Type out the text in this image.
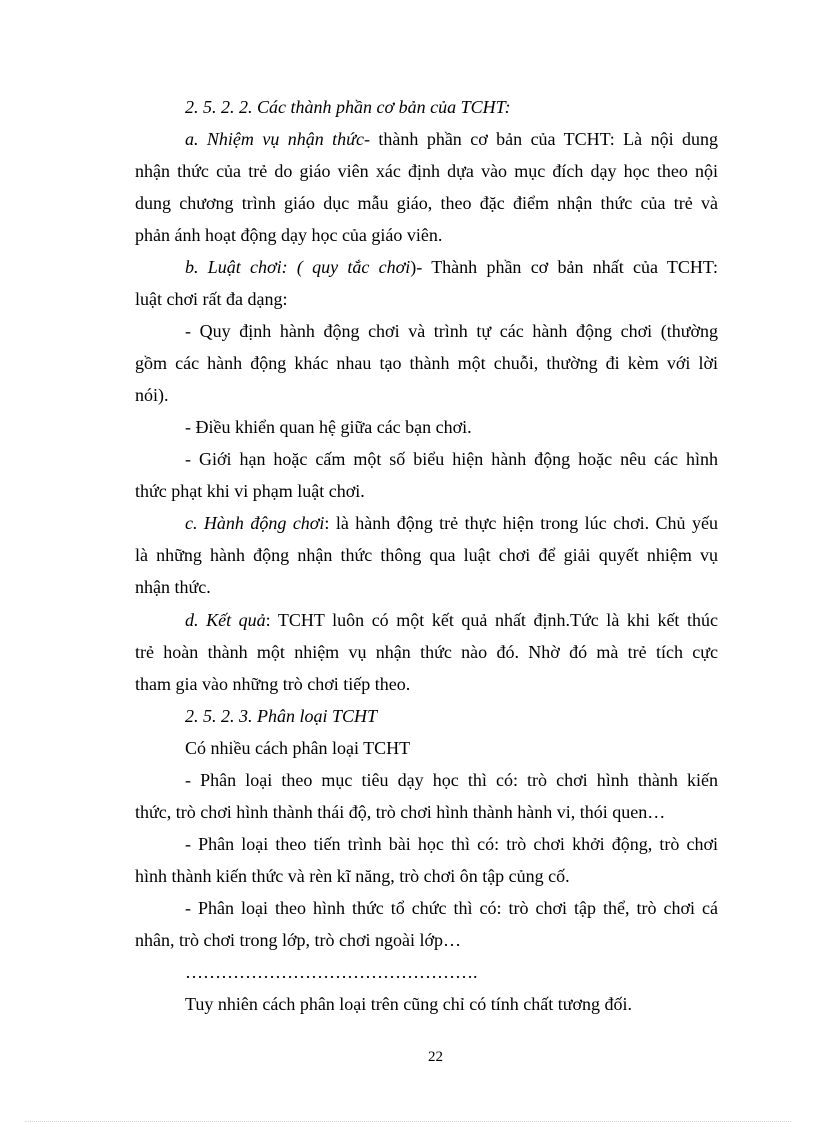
2. 5. 2. 2. Các thành phần cơ bản của TCHT:
a. Nhiệm vụ nhận thức- thành phần cơ bản của TCHT: Là nội dung
nhận thức của trẻ do giáo viên xác định dựa vào mục đích dạy học theo nội
dung chương trình giáo dục mẫu giáo, theo đặc điểm nhận thức của trẻ và
phản ánh hoạt động dạy học của giáo viên.
b. Luật chơi: ( quy tắc chơi)- Thành phần cơ bản nhất của TCHT:
luật chơi rất đa dạng:
- Quy định hành động chơi và trình tự các hành động chơi (thường
gồm các hành động khác nhau tạo thành một chuỗi, thường đi kèm với lời
nói).
- Điều khiển quan hệ giữa các bạn chơi.
- Giới hạn hoặc cấm một số biểu hiện hành động hoặc nêu các hình
thức phạt khi vi phạm luật chơi.
c. Hành động chơi: là hành động trẻ thực hiện trong lúc chơi. Chủ yếu
là những hành động nhận thức thông qua luật chơi để giải quyết nhiệm vụ
nhận thức.
d. Kết quả: TCHT luôn có một kết quả nhất định.Tức là khi kết thúc
trẻ hoàn thành một nhiệm vụ nhận thức nào đó. Nhờ đó mà trẻ tích cực
tham gia vào những trò chơi tiếp theo.
2. 5. 2. 3. Phân loại TCHT
Có nhiều cách phân loại TCHT
- Phân loại theo mục tiêu dạy học thì có: trò chơi hình thành kiến
thức, trò chơi hình thành thái độ, trò chơi hình thành hành vi, thói quen…
- Phân loại theo tiến trình bài học thì có: trò chơi khởi động, trò chơi
hình thành kiến thức và rèn kĩ năng, trò chơi ôn tập củng cố.
- Phân loại theo hình thức tổ chức thì có: trò chơi tập thể, trò chơi cá
nhân, trò chơi trong lớp, trò chơi ngoài lớp…
………………………………………….
Tuy nhiên cách phân loại trên cũng chỉ có tính chất tương đối.
22
